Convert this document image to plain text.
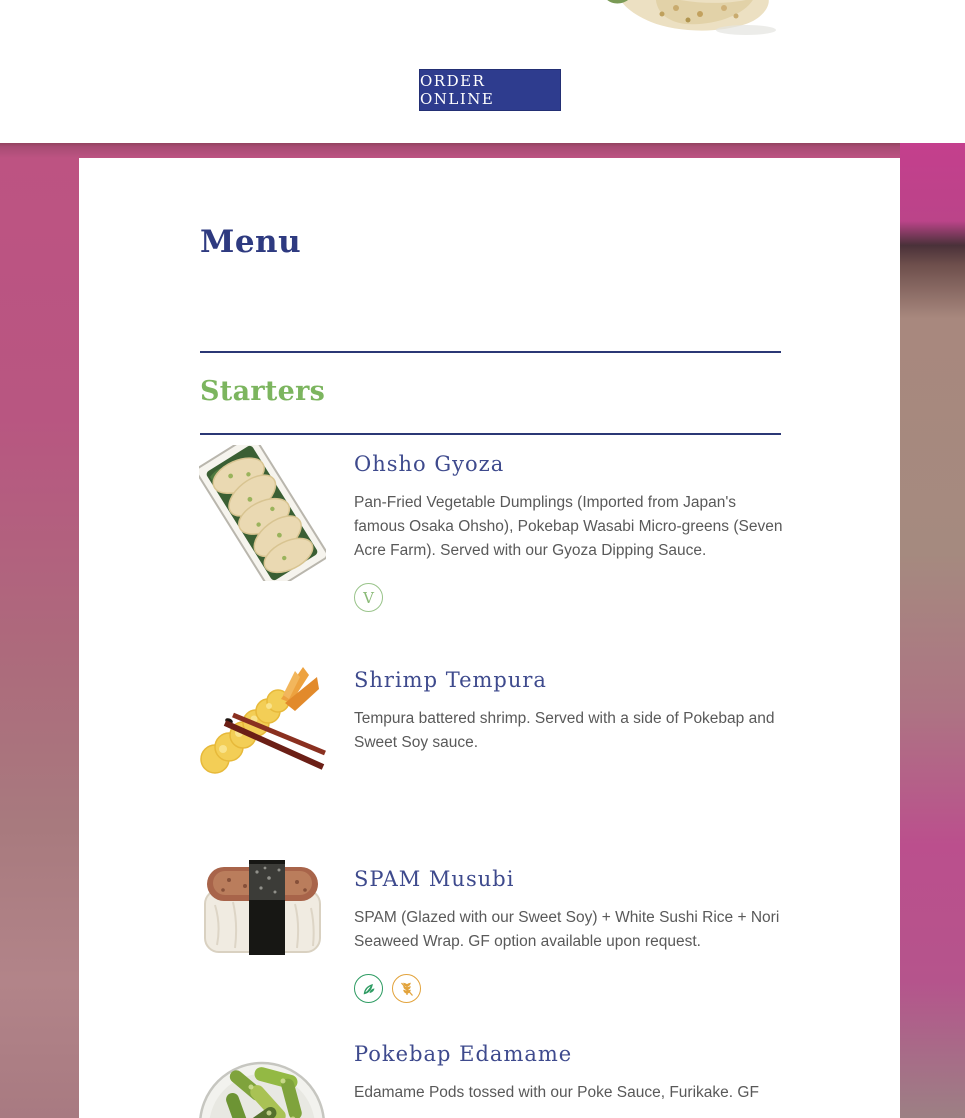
ORDER ONLINE
Menu
Starters
Ohsho Gyoza

Pan-Fried Vegetable Dumplings (Imported from Japan's famous Osaka Ohsho), Pokebap Wasabi Micro-greens (Seven Acre Farm). Served with our Gyoza Dipping Sauce.

V
Shrimp Tempura

Tempura battered shrimp. Served with a side of Pokebap and Sweet Soy sauce.

SPAM Musubi

SPAM (Glazed with our Sweet Soy) + White Sushi Rice + Nori Seaweed Wrap. GF option available upon request.

Pokebap Edamame

Edamame Pods tossed with our Poke Sauce, Furikake. GF
